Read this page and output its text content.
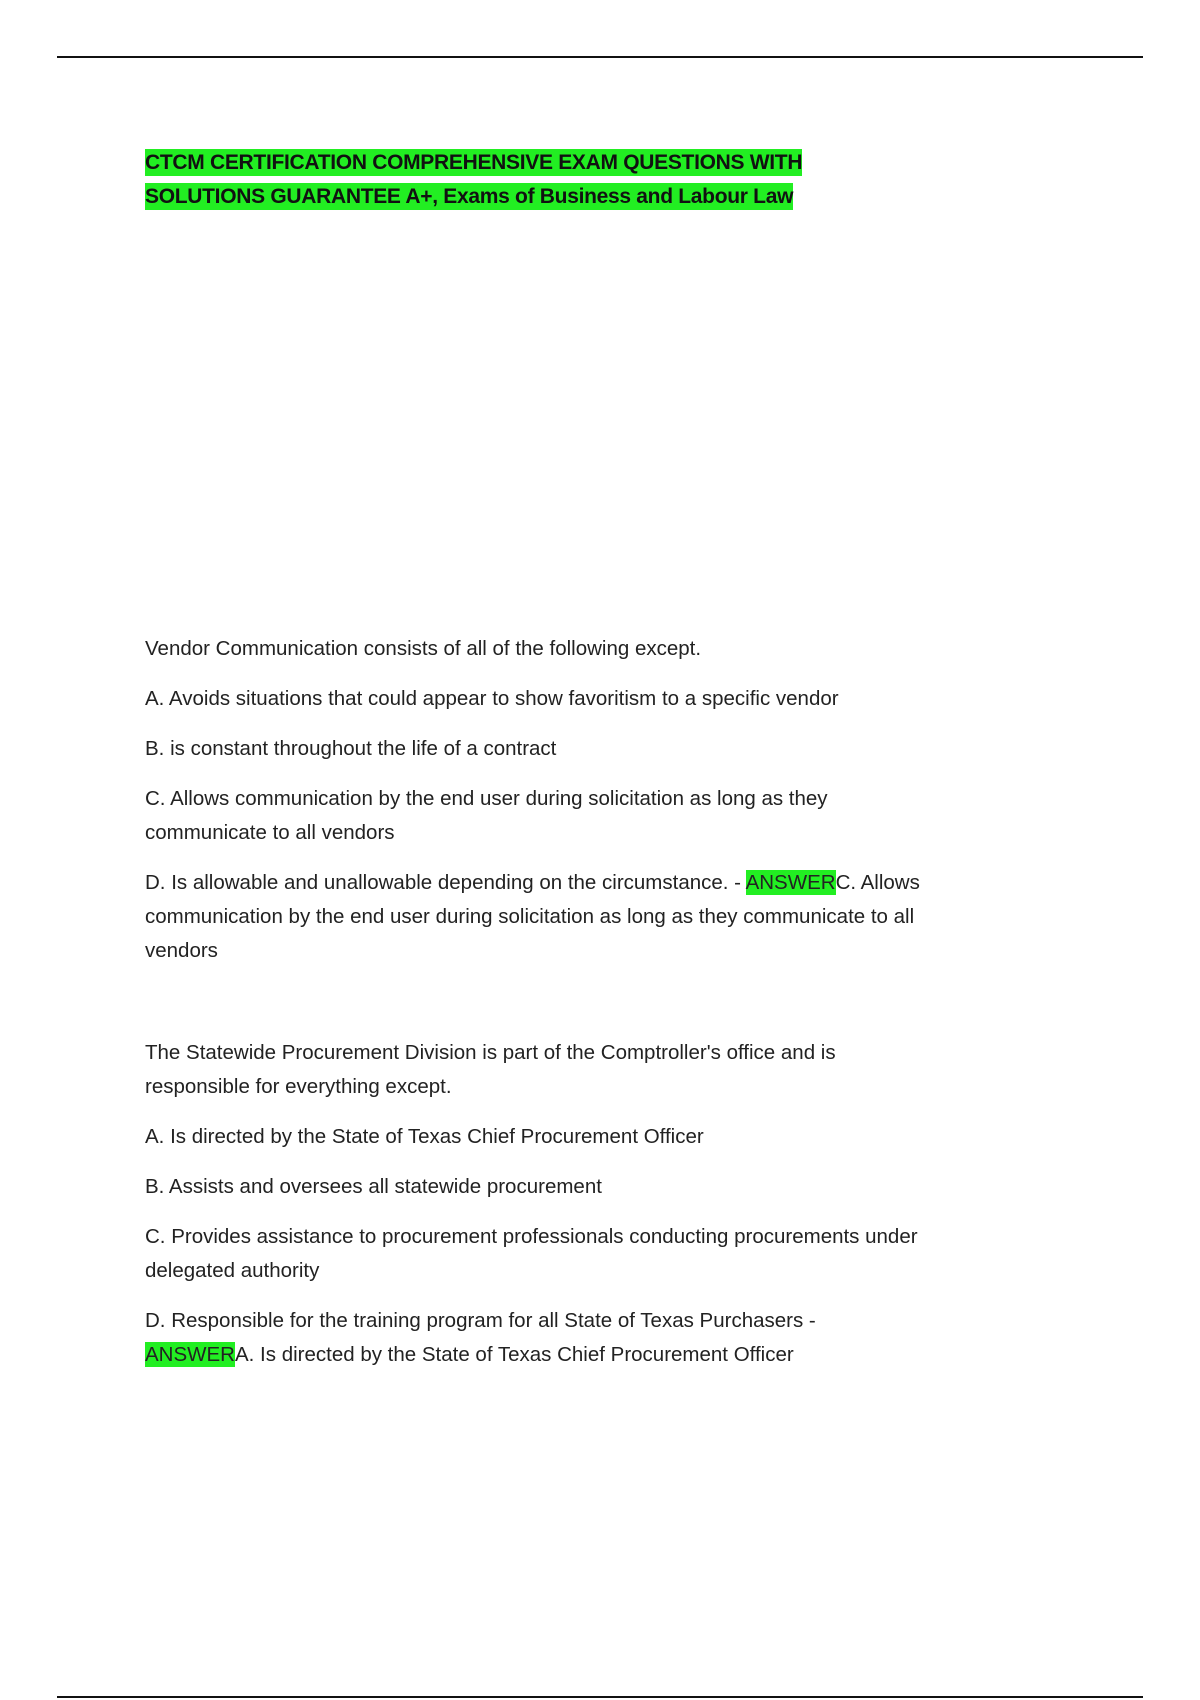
CTCM CERTIFICATION COMPREHENSIVE EXAM QUESTIONS WITH
SOLUTIONS GUARANTEE A+, Exams of Business and Labour Law

Vendor Communication consists of all of the following except.

A. Avoids situations that could appear to show favoritism to a specific vendor

B. is constant throughout the life of a contract

C. Allows communication by the end user during solicitation as long as they communicate to all vendors

D. Is allowable and unallowable depending on the circumstance. - ANSWERC. Allows communication by the end user during solicitation as long as they communicate to all vendors

The Statewide Procurement Division is part of the Comptroller's office and is responsible for everything except.

A. Is directed by the State of Texas Chief Procurement Officer

B. Assists and oversees all statewide procurement

C. Provides assistance to procurement professionals conducting procurements under delegated authority

D. Responsible for the training program for all State of Texas Purchasers - ANSWERA. Is directed by the State of Texas Chief Procurement Officer
